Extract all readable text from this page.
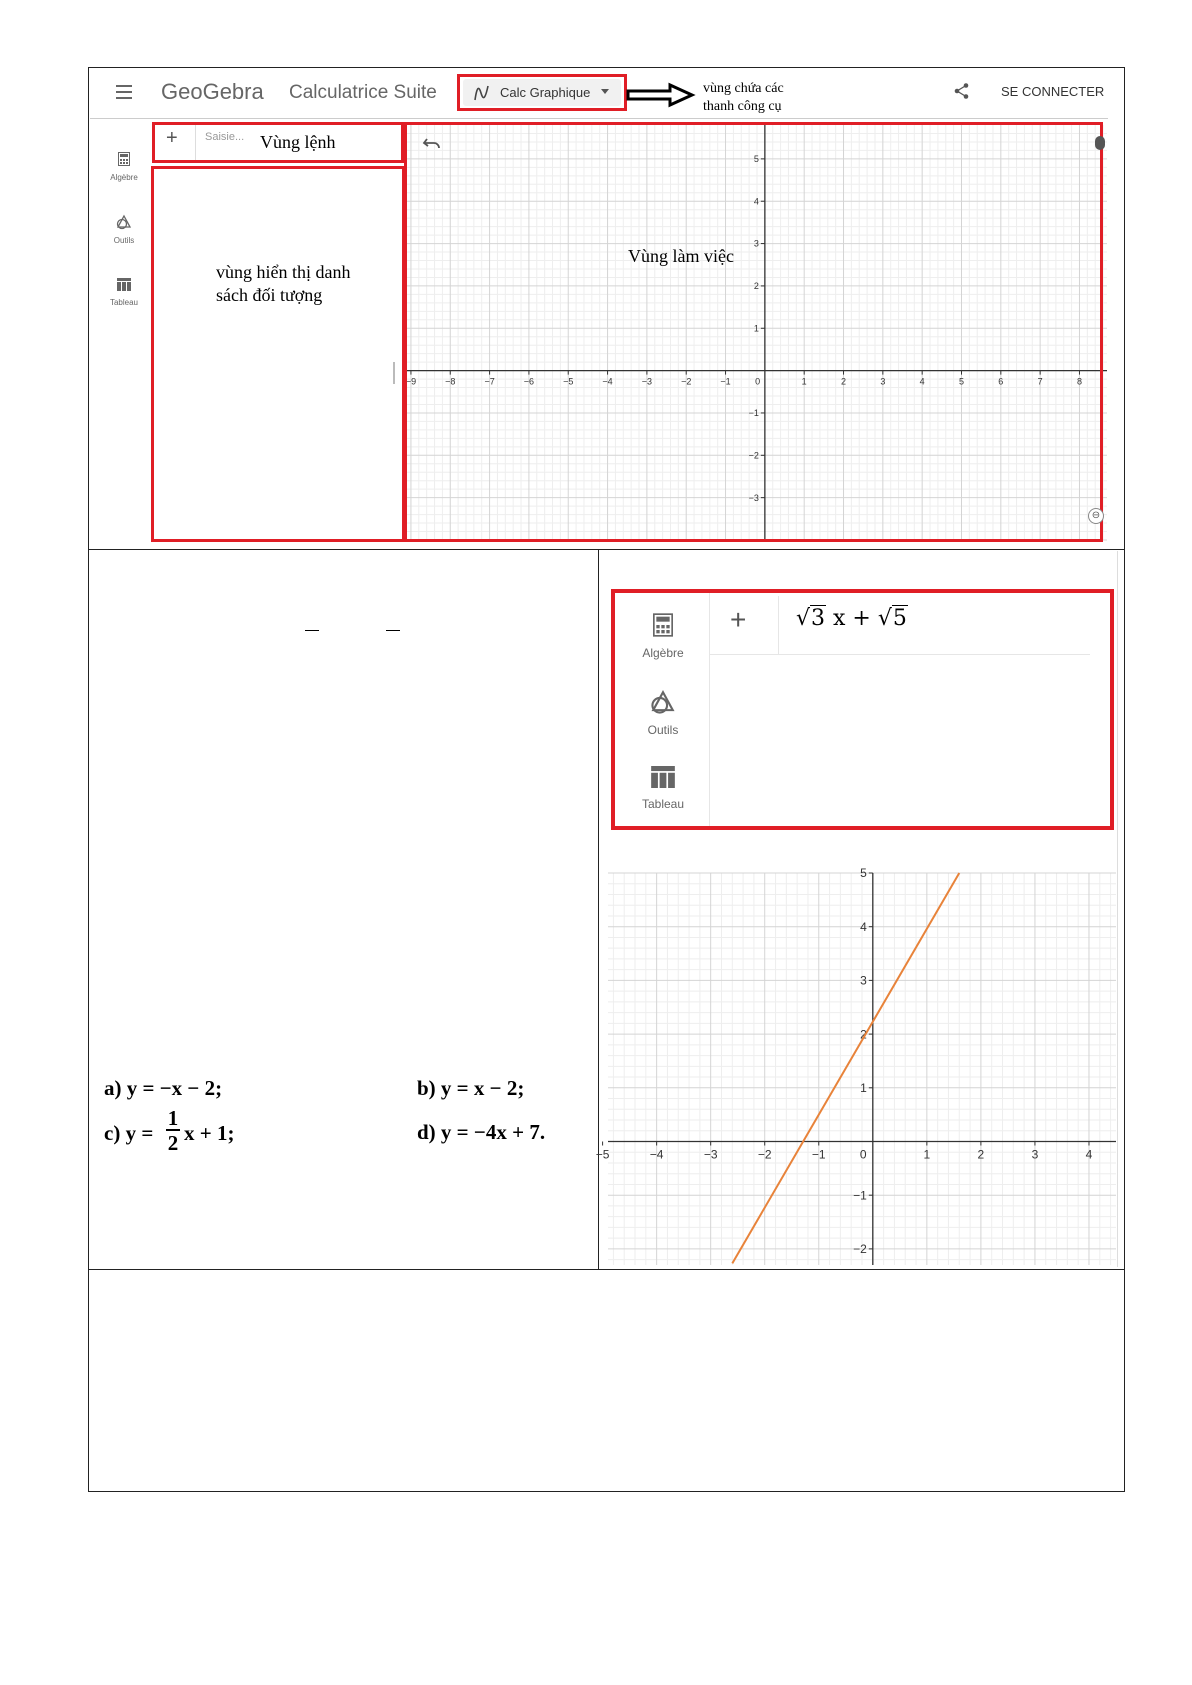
GeoGebra Calculatrice Suite	Calc Graphique	vùng chứa các
thanh công cụ
SE CONNECTER
Algèbre
Outils
Tableau
+ Saisie... Vùng lệnh
vùng hiển thị danh
sách đối tượng
−9	−8	−7	−6	−5	−4	−3	−2	−1	0	1	2	3	4	5	6	7	8
−3
−2
−1
1
2
3
4
5
⊖
Vùng làm việc
a) y = −x − 2;	b) y = x − 2;
c) $y = \frac{1}{2}$ x + 1;	d) y = −4x + 7.
Algèbre
Outils
Tableau
+ √3 x + √5
−5	−4	−3	−2	−1	0	1	2	3	4
−2
−1
1
2
3
4
5
